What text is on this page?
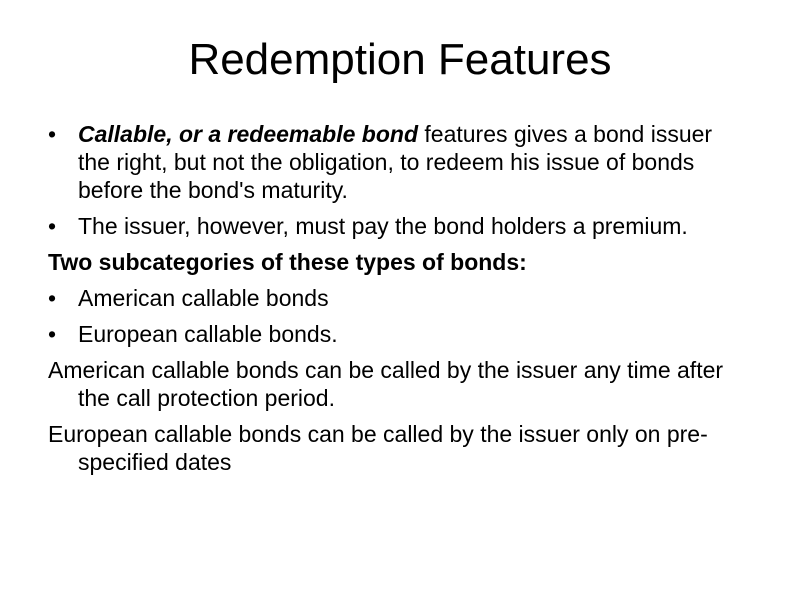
Redemption Features
• Callable, or a redeemable bond features gives a bond issuer the right, but not the obligation, to redeem his issue of bonds before the bond's maturity.
• The issuer, however, must pay the bond holders a premium.
Two subcategories of these types of bonds:
• American callable bonds
• European callable bonds.
American callable bonds can be called by the issuer any time after the call protection period.
European callable bonds can be called by the issuer only on pre-specified dates
